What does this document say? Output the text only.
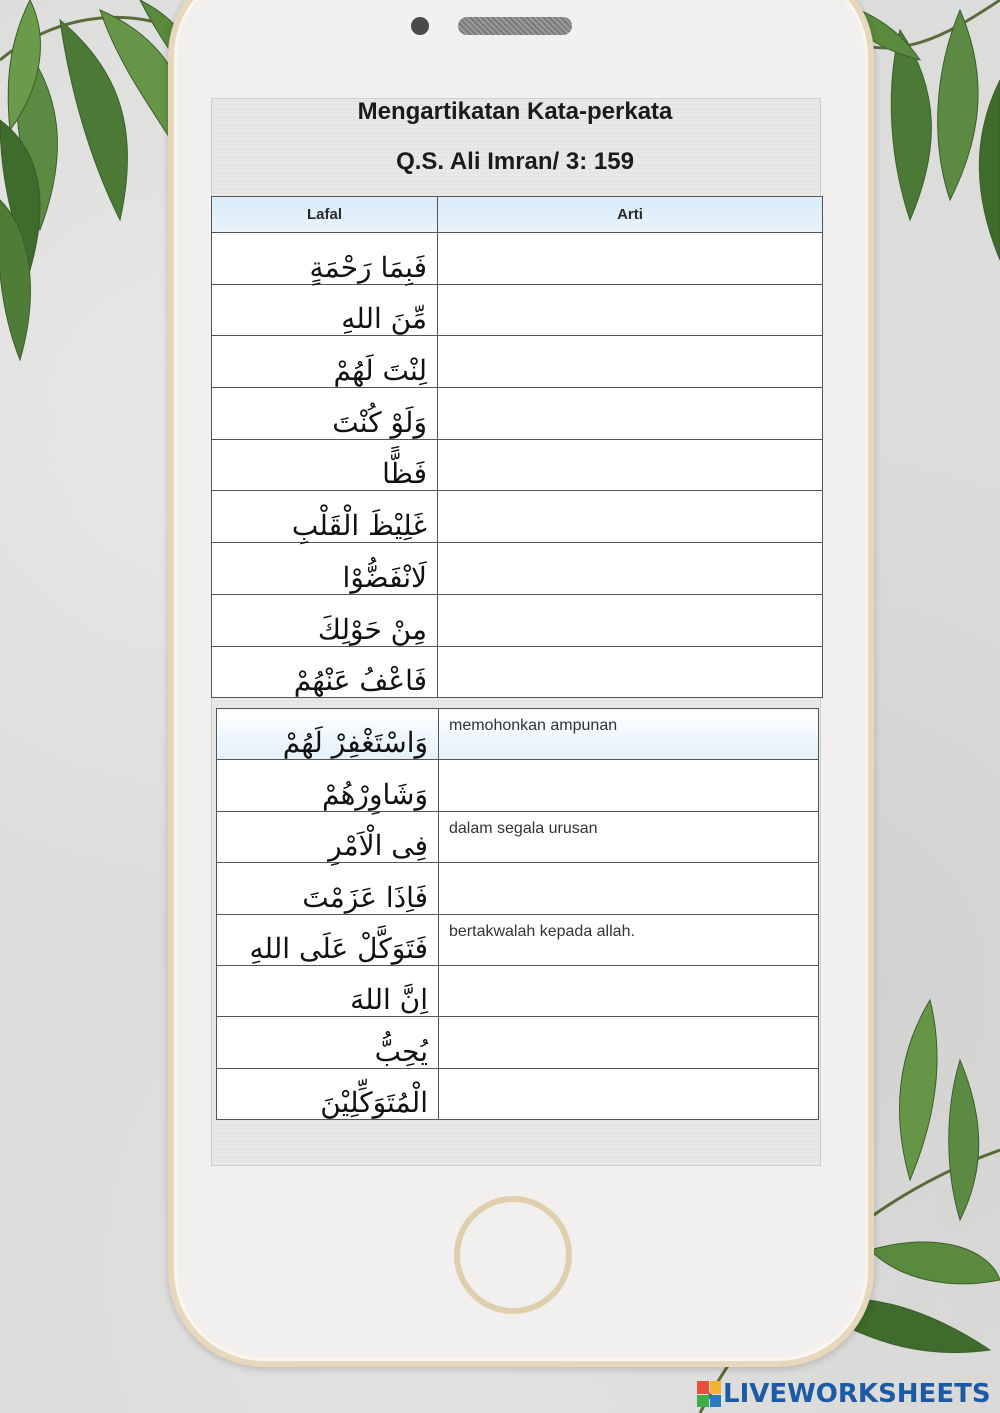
Mengartikatan Kata-perkata
Q.S. Ali Imran/ 3: 159
Lafal	Arti
فَبِمَا رَحْمَةٍ	
مِّنَ اللهِ	
لِنْتَ لَهُمْ	
وَلَوْ كُنْتَ	
فَظًّا	
غَلِيْظَ الْقَلْبِ	
لَانْفَضُّوْا	
مِنْ حَوْلِكَ	
فَاعْفُ عَنْهُمْ	
وَاسْتَغْفِرْ لَهُمْ	memohonkan ampunan
وَشَاوِرْهُمْ	
فِى الْاَمْرِ	dalam segala urusan
فَاِذَا عَزَمْتَ	
فَتَوَكَّلْ عَلَى اللهِ	bertakwalah kepada allah.
اِنَّ اللهَ	
يُحِبُّ	
الْمُتَوَكِّلِيْنَ	
LIVEWORKSHEETS
